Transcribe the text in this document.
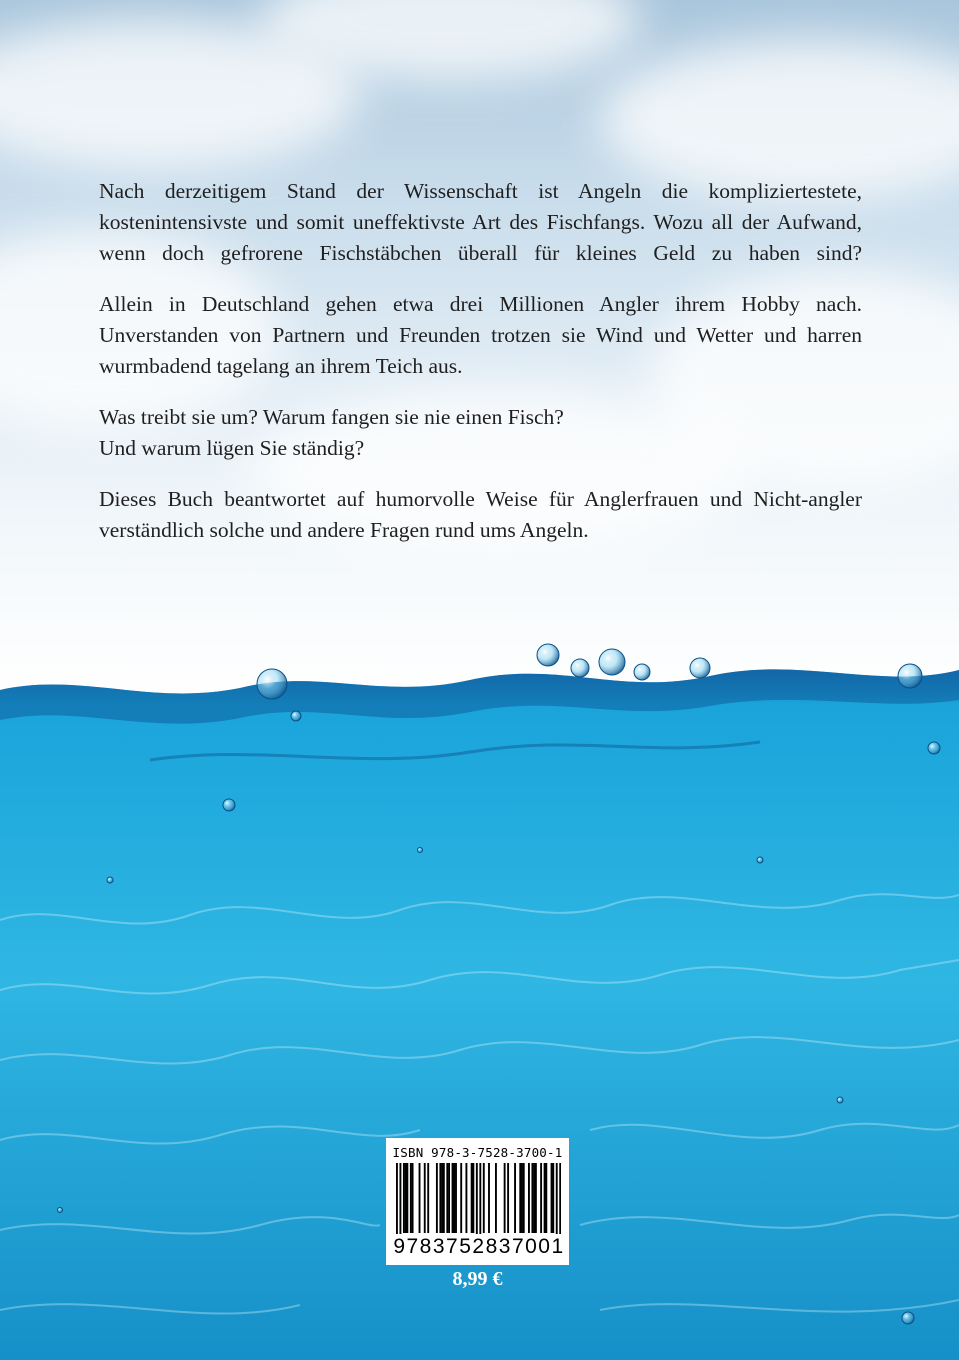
Nach derzeitigem Stand der Wissenschaft ist Angeln die kompliziertestete, kostenintensivste und somit uneffektivste Art des Fischfangs. Wozu all der Aufwand, wenn doch gefrorene Fischstäbchen überall für kleines Geld zu haben sind?

Allein in Deutschland gehen etwa drei Millionen Angler ihrem Hobby nach. Unverstanden von Partnern und Freunden trotzen sie Wind und Wetter und harren wurmbadend tagelang an ihrem Teich aus.

Was treibt sie um? Warum fangen sie nie einen Fisch?
Und warum lügen Sie ständig?

Dieses Buch beantwortet auf humorvolle Weise für Anglerfrauen und Nicht-angler verständlich solche und andere Fragen rund ums Angeln.

ISBN 978-3-7528-3700-1
9783752837001
8,99 €
